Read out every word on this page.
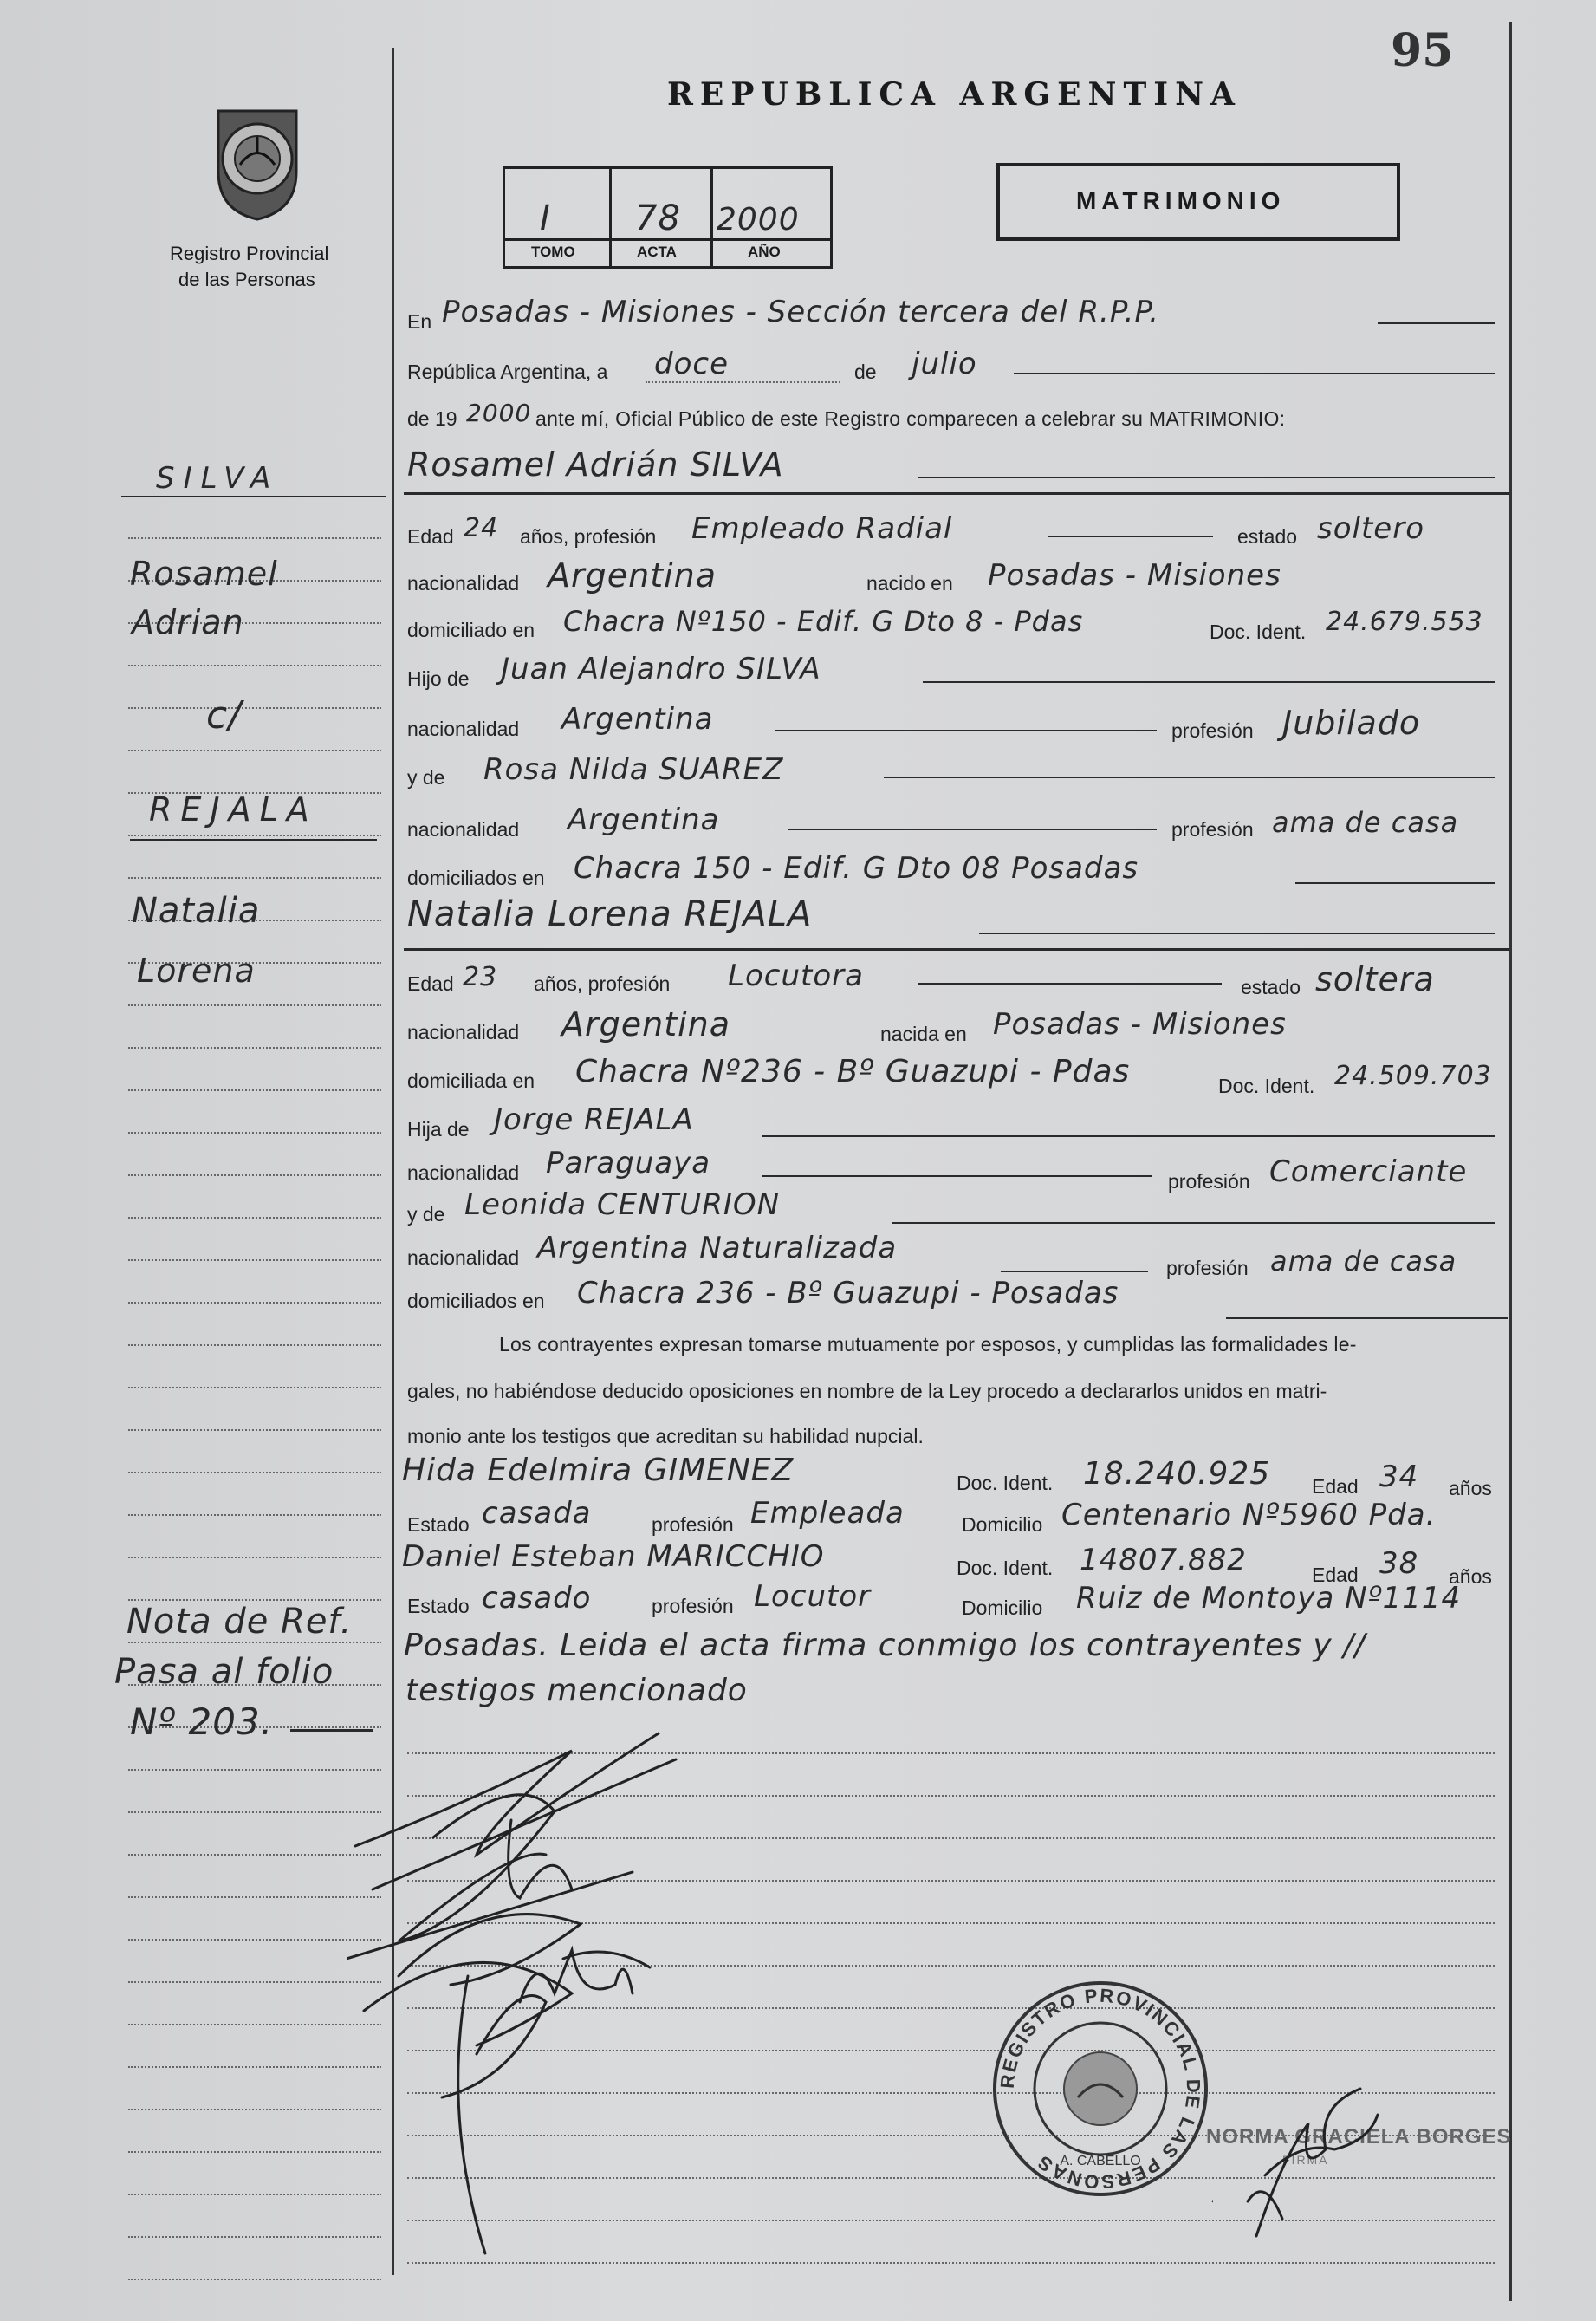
95
Registro Provincial
de las Personas
REPUBLICA ARGENTINA
I 78 2000
TOMO	ACTA	AÑO
MATRIMONIO
SILVA
Rosamel
Adrian
c/
REJALA
Natalia
Lorena
Nota de Ref.
Pasa al folio
Nº 203.
En Posadas - Misiones - Sección tercera del R.P.P.
República Argentina, a doce	de julio
de 19 2000 ante mí, Oficial Público de este Registro comparecen a celebrar su MATRIMONIO:
Rosamel Adrián SILVA
Edad 24 años, profesión Empleado Radial	estado soltero
nacionalidad Argentina	nacido en Posadas - Misiones
domiciliado en Chacra Nº150 - Edif. G Dto 8 - Pdas	Doc. Ident. 24.679.553
Hijo de Juan Alejandro SILVA
nacionalidad Argentina	profesión Jubilado
y de Rosa Nilda SUAREZ
nacionalidad Argentina	profesión ama de casa
domiciliados en Chacra 150 - Edif. G Dto 08 Posadas
Natalia Lorena REJALA
Edad 23 años, profesión Locutora	estado soltera
nacionalidad Argentina	nacida en Posadas - Misiones
domiciliada en Chacra Nº236 - Bº Guazupi - Pdas	Doc. Ident. 24.509.703
Hija de Jorge REJALA
nacionalidad Paraguaya
profesión Comerciante
y de Leonida CENTURION
nacionalidad Argentina Naturalizada
profesión ama de casa
domiciliados en Chacra 236 - Bº Guazupi - Posadas
Los contrayentes expresan tomarse mutuamente por esposos, y cumplidas las formalidades le-
gales, no habiéndose deducido oposiciones en nombre de la Ley procedo a declararlos unidos en matri-
monio ante los testigos que acreditan su habilidad nupcial.
Hida Edelmira GIMENEZ	Doc. Ident. 18.240.925 Edad 34 años
Estado casada	profesión Empleada	Domicilio Centenario Nº5960 Pda.
Daniel Esteban MARICCHIO	Doc. Ident. 14807.882	Edad 38 años
Estado casado	profesión Locutor	Domicilio Ruiz de Montoya Nº1114
Posadas. Leida el acta firma conmigo los contrayentes y //
testigos mencionado
REGISTRO PROVINCIAL DE LAS PERSONAS A. CABELLO
NORMA GRACIELA BORGES
FIRMA
